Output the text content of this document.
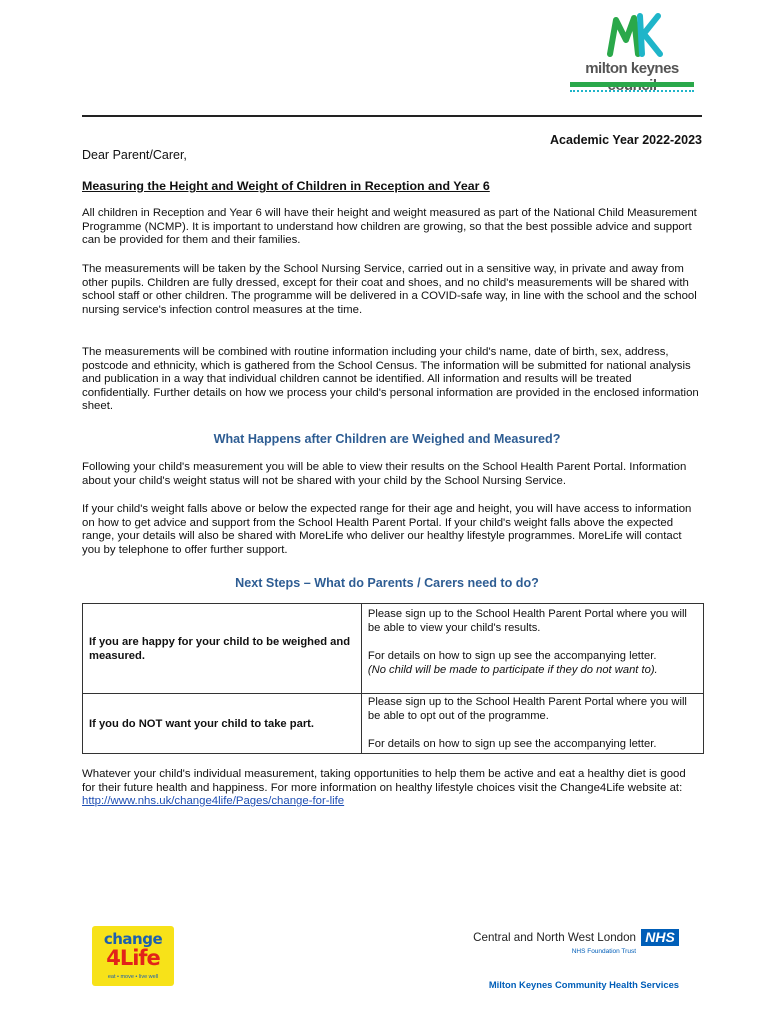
milton keynes
Academic Year 2022-2023
Dear Parent/Carer,
Measuring the Height and Weight of Children in Reception and Year 6

All children in Reception and Year 6 will have their height and weight measured as part of the National Child Measurement Programme (NCMP). It is important to understand how children are growing, so that the best possible advice and support can be provided for them and their families.

The measurements will be taken by the School Nursing Service, carried out in a sensitive way, in private and away from other pupils. Children are fully dressed, except for their coat and shoes, and no child's measurements will be shared with school staff or other children. The programme will be delivered in a COVID-safe way, in line with the school and the school nursing service's infection control measures at the time.

The measurements will be combined with routine information including your child's name, date of birth, sex, address, postcode and ethnicity, which is gathered from the School Census. The information will be submitted for national analysis and publication in a way that individual children cannot be identified. All information and results will be treated confidentially. Further details on how we process your child's personal information are provided in the enclosed information sheet.

What Happens after Children are Weighed and Measured?

Following your child's measurement you will be able to view their results on the School Health Parent Portal. Information about your child's weight status will not be shared with your child by the School Nursing Service.

If your child's weight falls above or below the expected range for their age and height, you will have access to information on how to get advice and support from the School Health Parent Portal. If your child's weight falls above the expected range, your details will also be shared with MoreLife who deliver our healthy lifestyle programmes. MoreLife will contact you by telephone to offer further support.

Next Steps – What do Parents / Carers need to do?
If you are happy for your child to be weighed and measured.	Please sign up to the School Health Parent Portal where you will be able to view your child's results.
For details on how to sign up see the accompanying letter.
(No child will be made to participate if they do not want to).

If you do NOT want your child to take part.	Please sign up to the School Health Parent Portal where you will be able to opt out of the programme.
For details on how to sign up see the accompanying letter.

Whatever your child's individual measurement, taking opportunities to help them be active and eat a healthy diet is good for their future health and happiness. For more information on healthy lifestyle choices visit the Change4Life website at: http://www.nhs.uk/change4life/Pages/change-for-life

change
4Life
eat • move • live well
Central and North West London NHS
NHS Foundation Trust
Milton Keynes Community Health Services
